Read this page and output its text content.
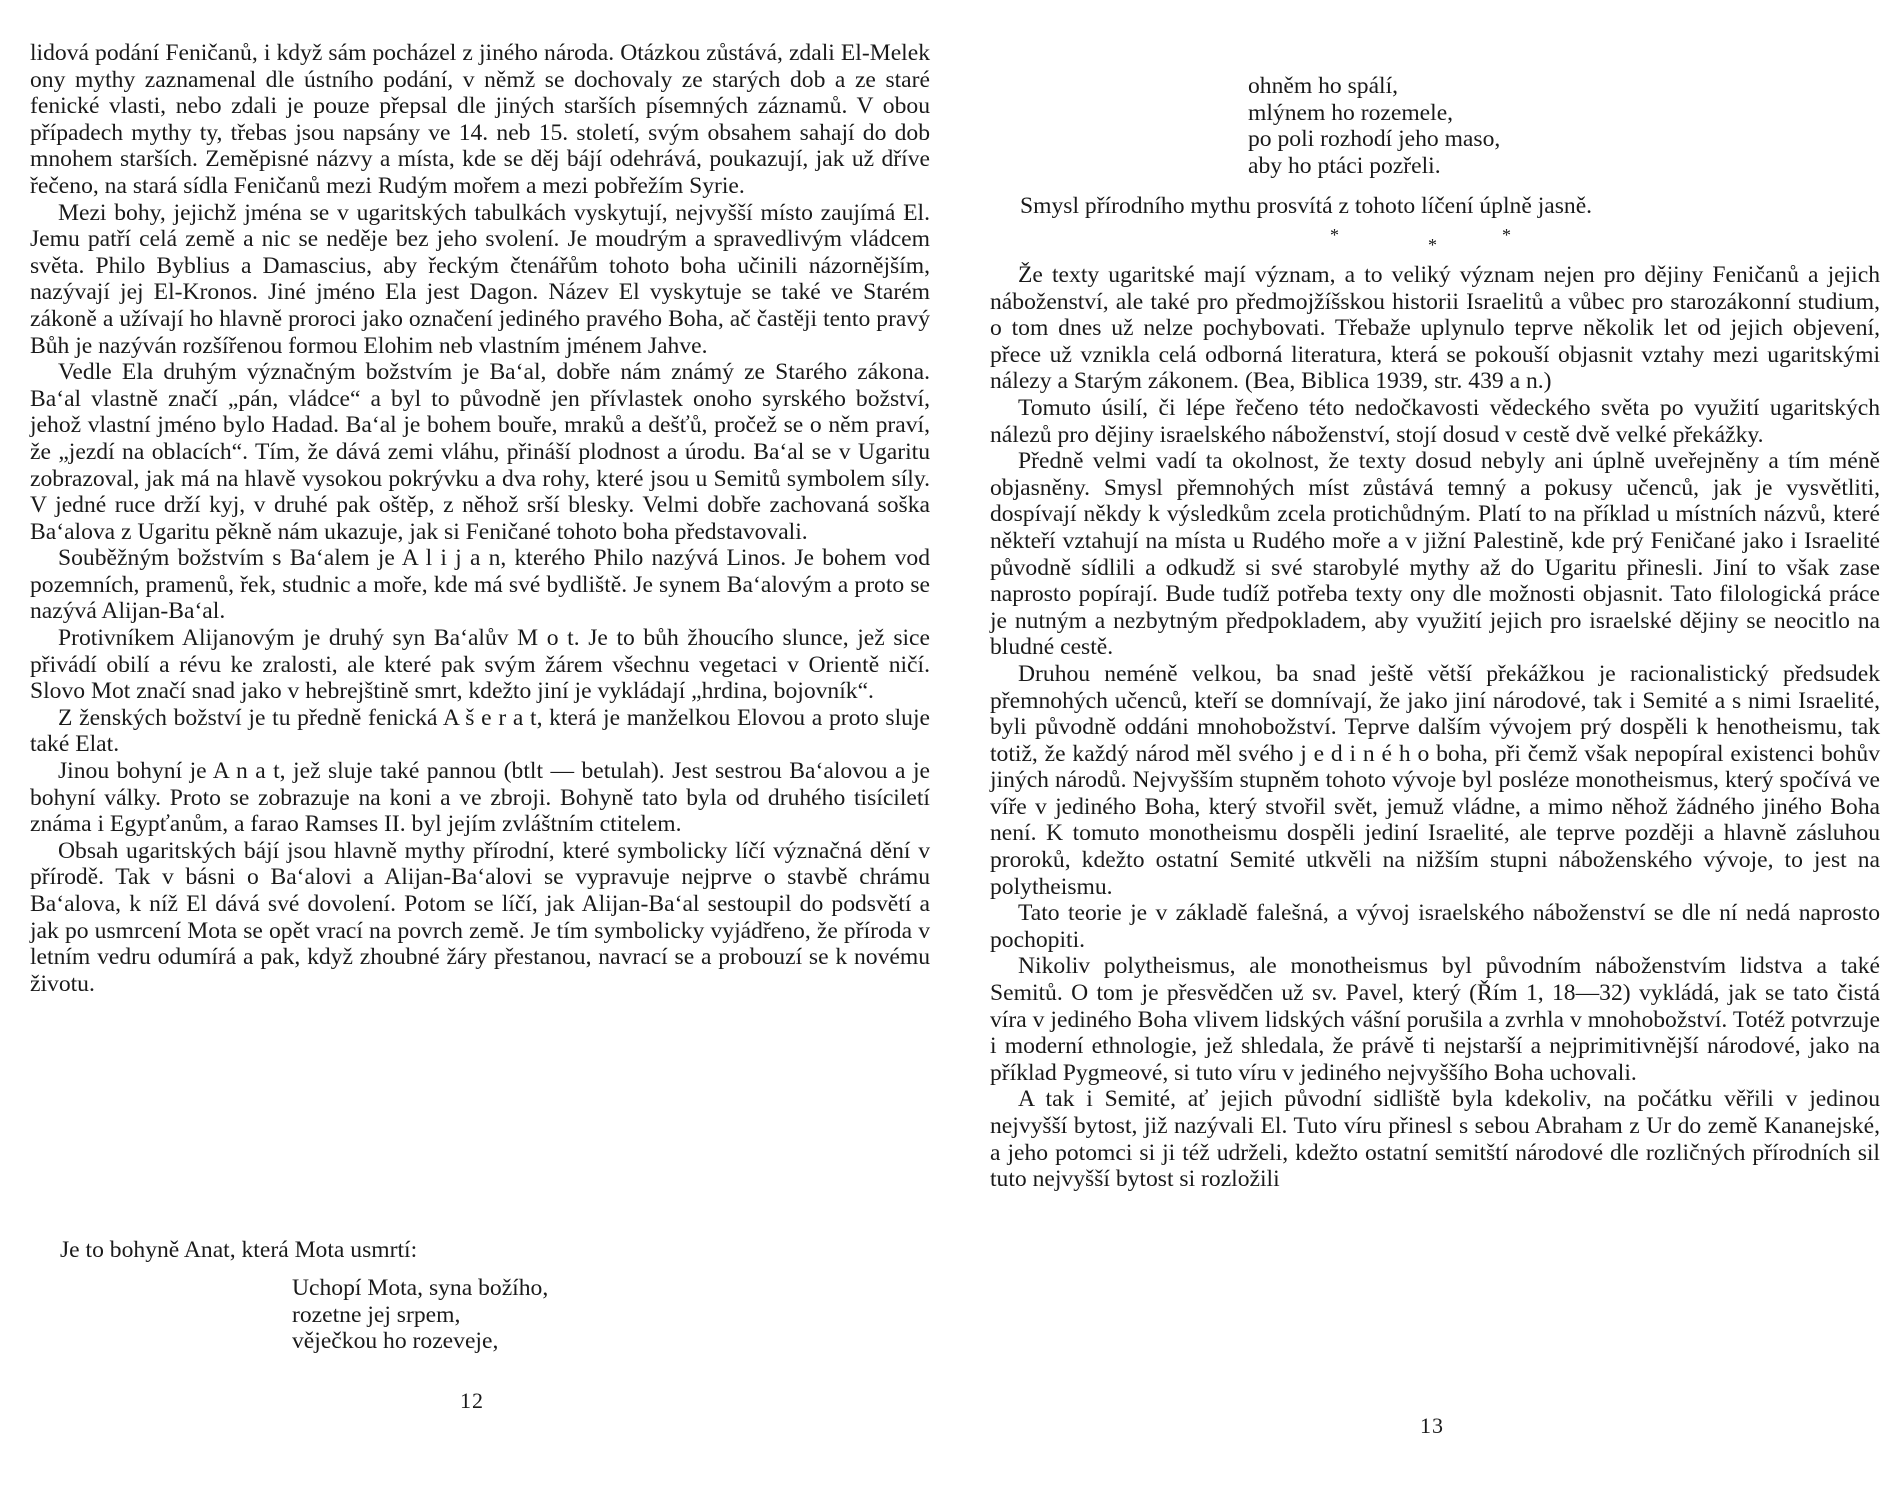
lidová podání Feničanů, i když sám pocházel z jiného národa. Otázkou zůstává, zdali El-Melek ony mythy zaznamenal dle ústního podání, v němž se dochovaly ze starých dob a ze staré fenické vlasti, nebo zdali je pouze přepsal dle jiných starších písemných záznamů. V obou případech mythy ty, třebas jsou napsány ve 14. neb 15. století, svým obsahem sahají do dob mnohem starších. Zeměpisné názvy a místa, kde se děj bájí odehrává, poukazují, jak už dříve řečeno, na stará sídla Feničanů mezi Rudým mořem a mezi pobřežím Syrie.

Mezi bohy, jejichž jména se v ugaritských tabulkách vyskytují, nejvyšší místo zaujímá El. Jemu patří celá země a nic se neděje bez jeho svolení. Je moudrým a spravedlivým vládcem světa. Philo Byblius a Damascius, aby řeckým čtenářům tohoto boha učinili názornějším, nazývají jej El-Kronos. Jiné jméno Ela jest Dagon. Název El vyskytuje se také ve Starém zákoně a užívají ho hlavně proroci jako označení jediného pravého Boha, ač častěji tento pravý Bůh je nazýván rozšířenou formou Elohim neb vlastním jménem Jahve.

Vedle Ela druhým význačným božstvím je Ba‘al, dobře nám známý ze Starého zákona. Ba‘al vlastně značí „pán, vládce“ a byl to původně jen přívlastek onoho syrského božství, jehož vlastní jméno bylo Hadad. Ba‘al je bohem bouře, mraků a dešťů, pročež se o něm praví, že „jezdí na oblacích“. Tím, že dává zemi vláhu, přináší plodnost a úrodu. Ba‘al se v Ugaritu zobrazoval, jak má na hlavě vysokou pokrývku a dva rohy, které jsou u Semitů symbolem síly. V jedné ruce drží kyj, v druhé pak oštěp, z něhož srší blesky. Velmi dobře zachovaná soška Ba‘alova z Ugaritu pěkně nám ukazuje, jak si Feničané tohoto boha představovali.

Souběžným božstvím s Ba‘alem je A l i j a n, kterého Philo nazývá Linos. Je bohem vod pozemních, pramenů, řek, studnic a moře, kde má své bydliště. Je synem Ba‘alovým a proto se nazývá Alijan-Ba‘al.

Protivníkem Alijanovým je druhý syn Ba‘alův M o t. Je to bůh žhoucího slunce, jež sice přivádí obilí a révu ke zralosti, ale které pak svým žárem všechnu vegetaci v Orientě ničí. Slovo Mot značí snad jako v hebrejštině smrt, kdežto jiní je vykládají „hrdina, bojovník“.

Z ženských božství je tu předně fenická A š e r a t, která je manželkou Elovou a proto sluje také Elat.

Jinou bohyní je A n a t, jež sluje také pannou (btlt — betulah). Jest sestrou Ba‘alovou a je bohyní války. Proto se zobrazuje na koni a ve zbroji. Bohyně tato byla od druhého tisíciletí známa i Egypťanům, a farao Ramses II. byl jejím zvláštním ctitelem.

Obsah ugaritských bájí jsou hlavně mythy přírodní, které symbolicky líčí význačná dění v přírodě. Tak v básni o Ba‘alovi a Alijan-Ba‘alovi se vypravuje nejprve o stavbě chrámu Ba‘alova, k níž El dává své dovolení. Potom se líčí, jak Alijan-Ba‘al sestoupil do podsvětí a jak po usmrcení Mota se opět vrací na povrch země. Je tím symbolicky vyjádřeno, že příroda v letním vedru odumírá a pak, když zhoubné žáry přestanou, navrací se a probouzí se k novému životu.

Je to bohyně Anat, která Mota usmrtí:

Uchopí Mota, syna božího,
rozetne jej srpem,
věječkou ho rozeveje,
12
ohněm ho spálí,
mlýnem ho rozemele,
po poli rozhodí jeho maso,
aby ho ptáci pozřeli.

Smysl přírodního mythu prosvítá z tohoto líčení úplně jasně.

*	*	*

Že texty ugaritské mají význam, a to veliký význam nejen pro dějiny Feničanů a jejich náboženství, ale také pro předmojžíšskou historii Israelitů a vůbec pro starozákonní studium, o tom dnes už nelze pochybovati. Třebaže uplynulo teprve několik let od jejich objevení, přece už vznikla celá odborná literatura, která se pokouší objasnit vztahy mezi ugaritskými nálezy a Starým zákonem. (Bea, Biblica 1939, str. 439 a n.)

Tomuto úsilí, či lépe řečeno této nedočkavosti vědeckého světa po využití ugaritských nálezů pro dějiny israelského náboženství, stojí dosud v cestě dvě velké překážky.

Předně velmi vadí ta okolnost, že texty dosud nebyly ani úplně uveřejněny a tím méně objasněny. Smysl přemnohých míst zůstává temný a pokusy učenců, jak je vysvětliti, dospívají někdy k výsledkům zcela protichůdným. Platí to na příklad u místních názvů, které někteří vztahují na místa u Rudého moře a v jižní Palestině, kde prý Feničané jako i Israelité původně sídlili a odkudž si své starobylé mythy až do Ugaritu přinesli. Jiní to však zase naprosto popírají. Bude tudíž potřeba texty ony dle možnosti objasnit. Tato filologická práce je nutným a nezbytným předpokladem, aby využití jejich pro israelské dějiny se neocitlo na bludné cestě.

Druhou neméně velkou, ba snad ještě větší překážkou je racionalistický předsudek přemnohých učenců, kteří se domnívají, že jako jiní národové, tak i Semité a s nimi Israelité, byli původně oddáni mnohobožství. Teprve dalším vývojem prý dospěli k henotheismu, tak totiž, že každý národ měl svého j e d i n é h o boha, při čemž však nepopíral existenci bohův jiných národů. Nejvyšším stupněm tohoto vývoje byl posléze monotheismus, který spočívá ve víře v jediného Boha, který stvořil svět, jemuž vládne, a mimo něhož žádného jiného Boha není. K tomuto monotheismu dospěli jediní Israelité, ale teprve později a hlavně zásluhou proroků, kdežto ostatní Semité utkvěli na nižším stupni náboženského vývoje, to jest na polytheismu.

Tato teorie je v základě falešná, a vývoj israelského náboženství se dle ní nedá naprosto pochopiti.

Nikoliv polytheismus, ale monotheismus byl původním náboženstvím lidstva a také Semitů. O tom je přesvědčen už sv. Pavel, který (Řím 1, 18—32) vykládá, jak se tato čistá víra v jediného Boha vlivem lidských vášní porušila a zvrhla v mnohobožství. Totéž potvrzuje i moderní ethnologie, jež shledala, že právě ti nejstarší a nejprimitivnější národové, jako na příklad Pygmeové, si tuto víru v jediného nejvyššího Boha uchovali.

A tak i Semité, ať jejich původní sidliště byla kdekoliv, na počátku věřili v jedinou nejvyšší bytost, již nazývali El. Tuto víru přinesl s sebou Abraham z Ur do země Kananejské, a jeho potomci si ji též udrželi, kdežto ostatní semitští národové dle rozličných přírodních sil tuto nejvyšší bytost si rozložili

13
